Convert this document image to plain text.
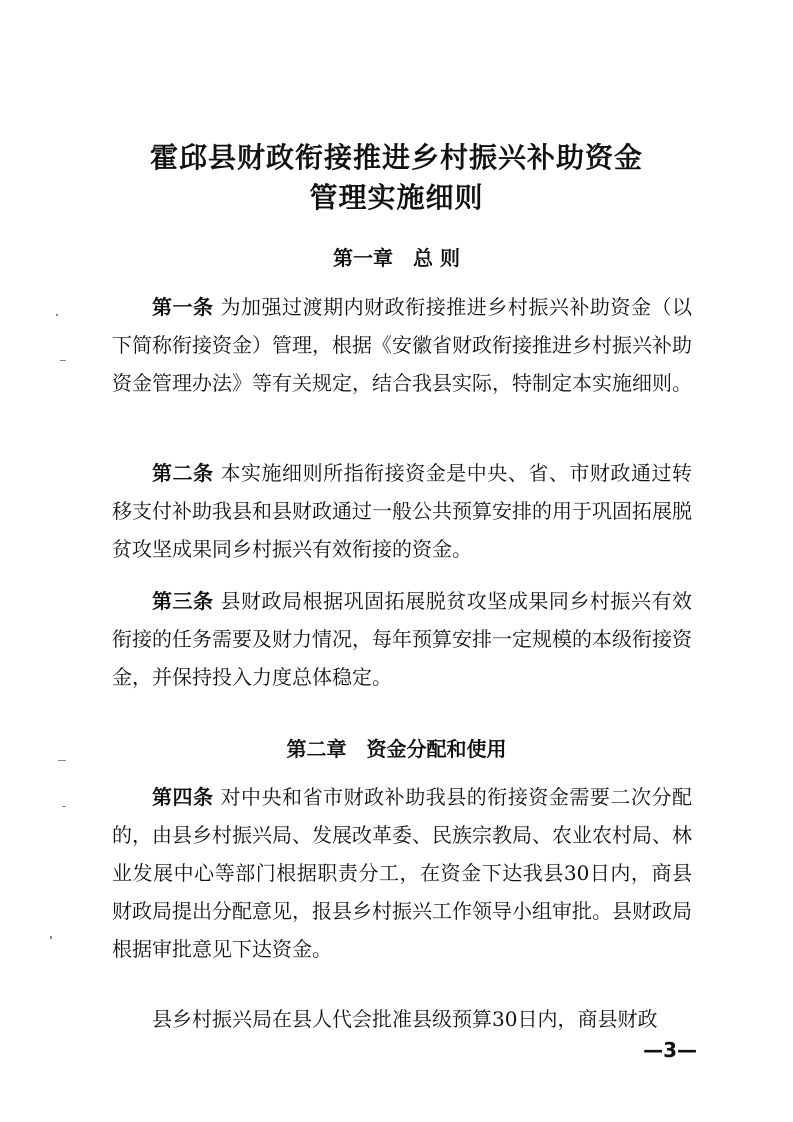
霍邱县财政衔接推进乡村振兴补助资金
管理实施细则
第一章　总 则

第一条 为加强过渡期内财政衔接推进乡村振兴补助资金（以下简称衔接资金）管理，根据《安徽省财政衔接推进乡村振兴补助资金管理办法》等有关规定，结合我县实际，特制定本实施细则。

第二条 本实施细则所指衔接资金是中央、省、市财政通过转移支付补助我县和县财政通过一般公共预算安排的用于巩固拓展脱贫攻坚成果同乡村振兴有效衔接的资金。

第三条 县财政局根据巩固拓展脱贫攻坚成果同乡村振兴有效衔接的任务需要及财力情况，每年预算安排一定规模的本级衔接资金，并保持投入力度总体稳定。

第二章　资金分配和使用

第四条 对中央和省市财政补助我县的衔接资金需要二次分配的，由县乡村振兴局、发展改革委、民族宗教局、农业农村局、林业发展中心等部门根据职责分工，在资金下达我县30日内，商县财政局提出分配意见，报县乡村振兴工作领导小组审批。县财政局根据审批意见下达资金。

县乡村振兴局在县人代会批准县级预算30日内，商县财政

—3—
